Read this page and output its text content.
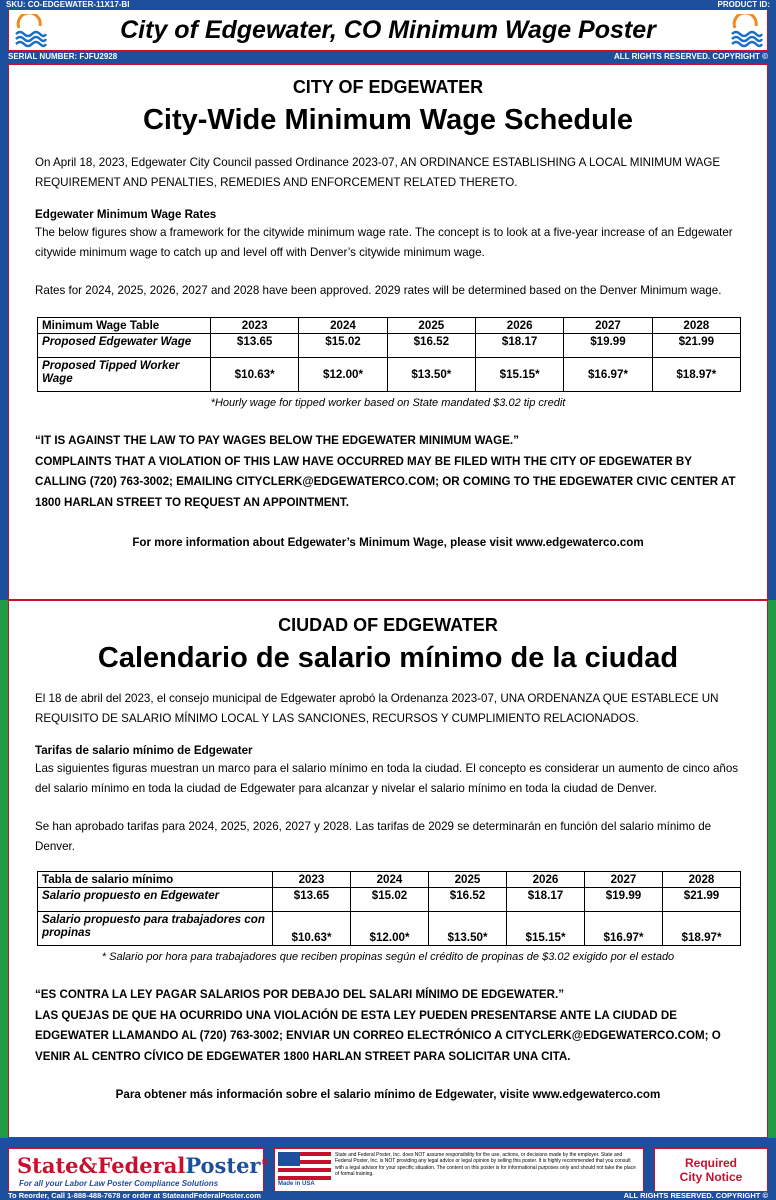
SKU: CO-EDGEWATER-11X17-BI	PRODUCT ID:
City of Edgewater, CO Minimum Wage Poster
SERIAL NUMBER: FJFU2928	ALL RIGHTS RESERVED. COPYRIGHT ©
CITY OF EDGEWATER
City-Wide Minimum Wage Schedule
On April 18, 2023, Edgewater City Council passed Ordinance 2023-07, AN ORDINANCE ESTABLISHING A LOCAL MINIMUM WAGE REQUIREMENT AND PENALTIES, REMEDIES AND ENFORCEMENT RELATED THERETO.
Edgewater Minimum Wage Rates
The below figures show a framework for the citywide minimum wage rate. The concept is to look at a five-year increase of an Edgewater citywide minimum wage to catch up and level off with Denver’s citywide minimum wage.
Rates for 2024, 2025, 2026, 2027 and 2028 have been approved. 2029 rates will be determined based on the Denver Minimum wage.
Minimum Wage Table	2023	2024	2025	2026	2027	2028
Proposed Edgewater Wage	$13.65	$15.02	$16.52	$18.17	$19.99	$21.99
Proposed Tipped Worker Wage	$10.63*	$12.00*	$13.50*	$15.15*	$16.97*	$18.97*
*Hourly wage for tipped worker based on State mandated $3.02 tip credit
“IT IS AGAINST THE LAW TO PAY WAGES BELOW THE EDGEWATER MINIMUM WAGE.”
COMPLAINTS THAT A VIOLATION OF THIS LAW HAVE OCCURRED MAY BE FILED WITH THE CITY OF EDGEWATER BY CALLING (720) 763-3002; EMAILING CITYCLERK@EDGEWATERCO.COM; OR COMING TO THE EDGEWATER CIVIC CENTER AT 1800 HARLAN STREET TO REQUEST AN APPOINTMENT.
For more information about Edgewater’s Minimum Wage, please visit www.edgewaterco.com
CIUDAD OF EDGEWATER
Calendario de salario mínimo de la ciudad
El 18 de abril del 2023, el consejo municipal de Edgewater aprobó la Ordenanza 2023-07, UNA ORDENANZA QUE ESTABLECE UN REQUISITO DE SALARIO MÍNIMO LOCAL Y LAS SANCIONES, RECURSOS Y CUMPLIMIENTO RELACIONADOS.
Tarifas de salario mínimo de Edgewater
Las siguientes figuras muestran un marco para el salario mínimo en toda la ciudad. El concepto es considerar un aumento de cinco años del salario mínimo en toda la ciudad de Edgewater para alcanzar y nivelar el salario mínimo en toda la ciudad de Denver.
Se han aprobado tarifas para 2024, 2025, 2026, 2027 y 2028. Las tarifas de 2029 se determinarán en función del salario mínimo de Denver.
Tabla de salario mínimo	2023	2024	2025	2026	2027	2028
Salario propuesto en Edgewater	$13.65	$15.02	$16.52	$18.17	$19.99	$21.99
Salario propuesto para trabajadores con propinas	$10.63*	$12.00*	$13.50*	$15.15*	$16.97*	$18.97*
* Salario por hora para trabajadores que reciben propinas según el crédito de propinas de $3.02 exigido por el estado
“ES CONTRA LA LEY PAGAR SALARIOS POR DEBAJO DEL SALARI MÍNIMO DE EDGEWATER.”
LAS QUEJAS DE QUE HA OCURRIDO UNA VIOLACIÓN DE ESTA LEY PUEDEN PRESENTARSE ANTE LA CIUDAD DE EDGEWATER LLAMANDO AL (720) 763-3002; ENVIAR UN CORREO ELECTRÓNICO A CITYCLERK@EDGEWATERCO.COM; O VENIR AL CENTRO CÍVICO DE EDGEWATER 1800 HARLAN STREET PARA SOLICITAR UNA CITA.
Para obtener más información sobre el salario mínimo de Edgewater, visite www.edgewaterco.com
State&FederalPoster®
For all your Labor Law Poster Compliance Solutions	Made in USA
State and Federal Poster, Inc. does NOT assume responsibility for the use, actions, or decisions made by the employer. State and Federal Poster, Inc. is NOT providing any legal advice or legal opinion by selling this poster. It is highly recommended that you consult with a legal advisor for your specific situation. The content on this poster is for informational purposes only and should not take the place of formal training.
Required
City Notice
To Reorder, Call 1-888-488-7678 or order at StateandFederalPoster.com	ALL RIGHTS RESERVED. COPYRIGHT ©
